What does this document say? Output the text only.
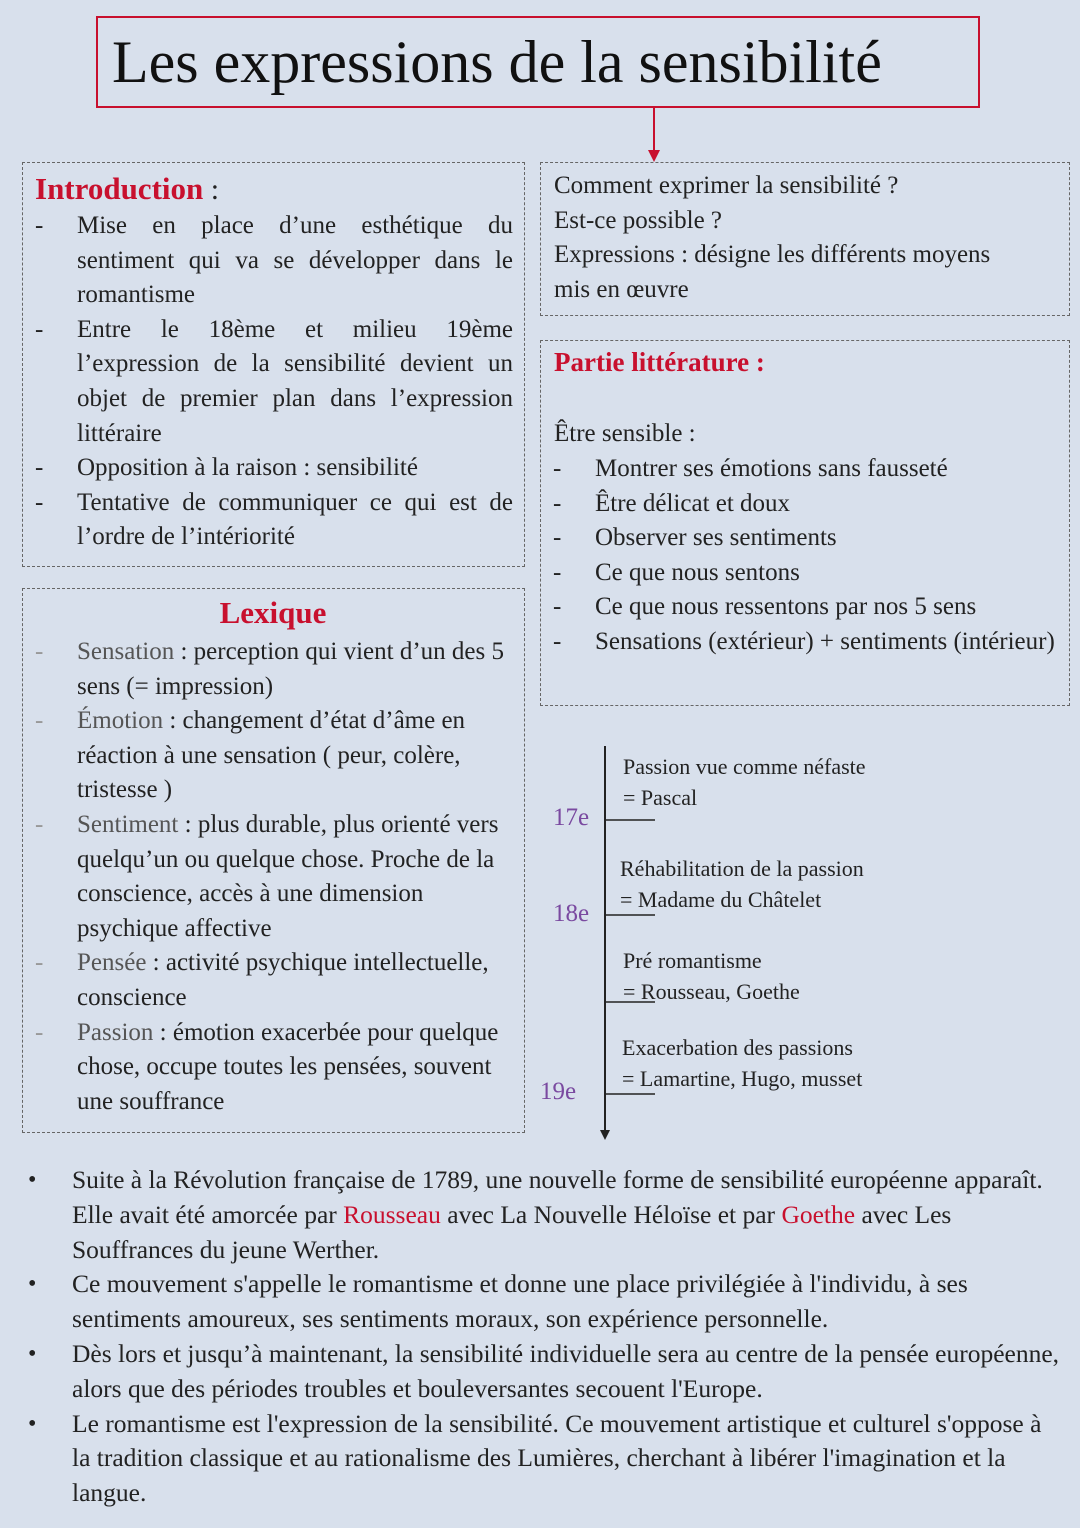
Les expressions de la sensibilité
Introduction :
- Mise en place d’une esthétique du sentiment qui va se développer dans le romantisme
- Entre le 18ème et milieu 19ème l’expression de la sensibilité devient un objet de premier plan dans l’expression littéraire
- Opposition à la raison : sensibilité
- Tentative de communiquer ce qui est de l’ordre de l’intériorité
Comment exprimer la sensibilité ?
Est-ce possible ?
Expressions : désigne les différents moyens
mis en œuvre
Partie littérature :
Être sensible :
- Montrer ses émotions sans fausseté
- Être délicat et doux
- Observer ses sentiments
- Ce que nous sentons
- Ce que nous ressentons par nos 5 sens
- Sensations (extérieur) + sentiments (intérieur)
Lexique
- Sensation : perception qui vient d’un des 5 sens (= impression)
- Émotion : changement d’état d’âme en réaction à une sensation ( peur, colère, tristesse )
- Sentiment : plus durable, plus orienté vers quelqu’un ou quelque chose. Proche de la conscience, accès à une dimension psychique affective
- Pensée : activité psychique intellectuelle, conscience
- Passion : émotion exacerbée pour quelque chose, occupe toutes les pensées, souvent une souffrance
17e
18e
19e
Passion vue comme néfaste
= Pascal
Réhabilitation de la passion
= Madame du Châtelet
Pré romantisme
= Rousseau, Goethe
Exacerbation des passions
= Lamartine, Hugo, musset
• Suite à la Révolution française de 1789, une nouvelle forme de sensibilité européenne apparaît. Elle avait été amorcée par Rousseau avec La Nouvelle Héloïse et par Goethe avec Les Souffrances du jeune Werther.
• Ce mouvement s'appelle le romantisme et donne une place privilégiée à l'individu, à ses sentiments amoureux, ses sentiments moraux, son expérience personnelle.
• Dès lors et jusqu’à maintenant, la sensibilité individuelle sera au centre de la pensée européenne, alors que des périodes troubles et bouleversantes secouent l'Europe.
• Le romantisme est l'expression de la sensibilité. Ce mouvement artistique et culturel s'oppose à la tradition classique et au rationalisme des Lumières, cherchant à libérer l'imagination et la langue.
